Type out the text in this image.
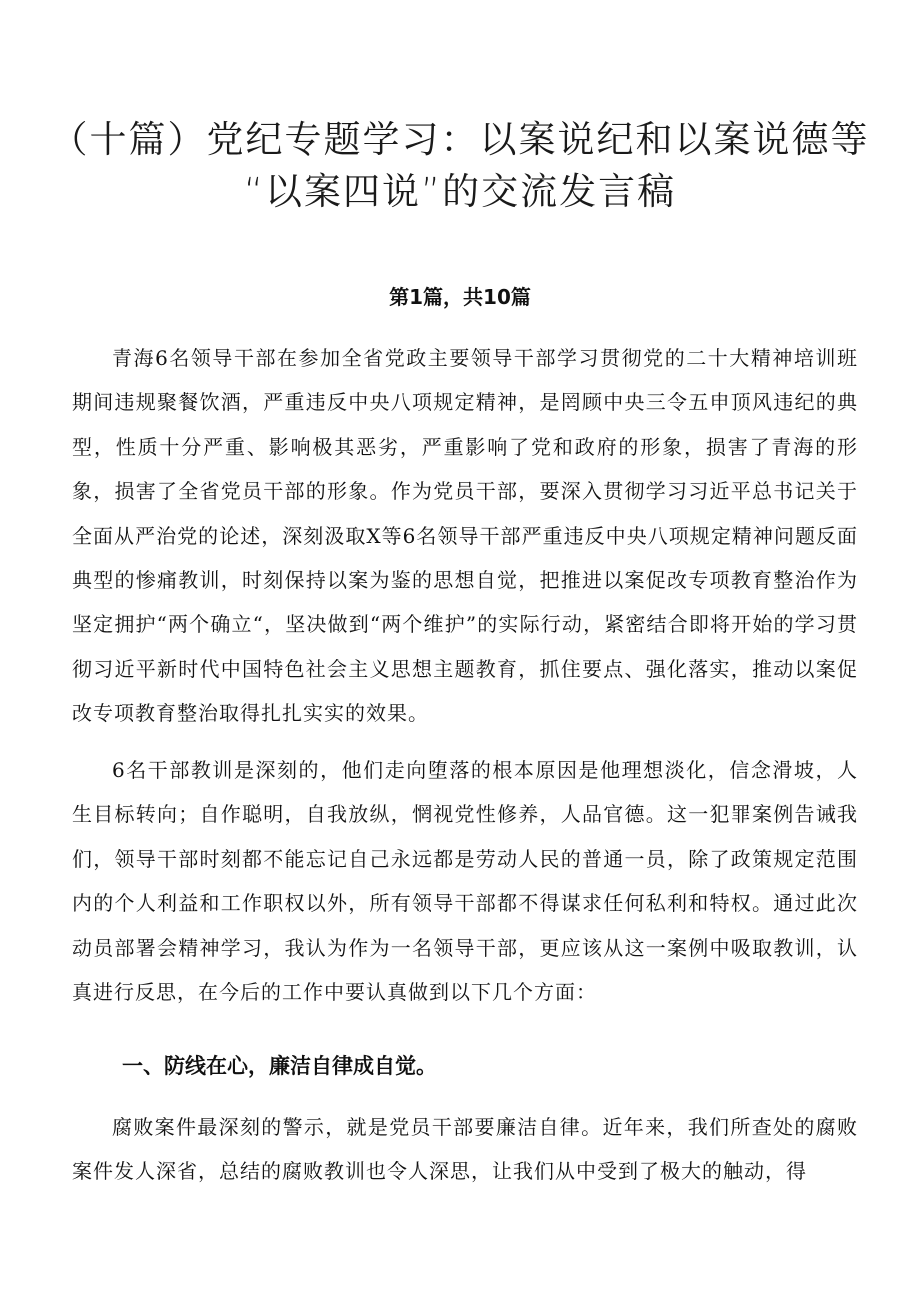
（十篇）党纪专题学习：以案说纪和以案说德等
“以案四说”的交流发言稿
第1篇，共10篇

青海6名领导干部在参加全省党政主要领导干部学习贯彻党的二十大精神培训班期间违规聚餐饮酒，严重违反中央八项规定精神，是罔顾中央三令五申顶风违纪的典型，性质十分严重、影响极其恶劣，严重影响了党和政府的形象，损害了青海的形象，损害了全省党员干部的形象。作为党员干部，要深入贯彻学习习近平总书记关于全面从严治党的论述，深刻汲取X等6名领导干部严重违反中央八项规定精神问题反面典型的惨痛教训，时刻保持以案为鉴的思想自觉，把推进以案促改专项教育整治作为坚定拥护“两个确立“，坚决做到“两个维护”的实际行动，紧密结合即将开始的学习贯彻习近平新时代中国特色社会主义思想主题教育，抓住要点、强化落实，推动以案促改专项教育整治取得扎扎实实的效果。

6名干部教训是深刻的，他们走向堕落的根本原因是他理想淡化，信念滑坡，人生目标转向；自作聪明，自我放纵，惘视党性修养，人品官德。这一犯罪案例告诫我们，领导干部时刻都不能忘记自己永远都是劳动人民的普通一员，除了政策规定范围内的个人利益和工作职权以外，所有领导干部都不得谋求任何私利和特权。通过此次动员部署会精神学习，我认为作为一名领导干部，更应该从这一案例中吸取教训，认真进行反思，在今后的工作中要认真做到以下几个方面：

一、防线在心，廉洁自律成自觉。

腐败案件最深刻的警示，就是党员干部要廉洁自律。近年来，我们所查处的腐败案件发人深省，总结的腐败教训也令人深思，让我们从中受到了极大的触动，得
